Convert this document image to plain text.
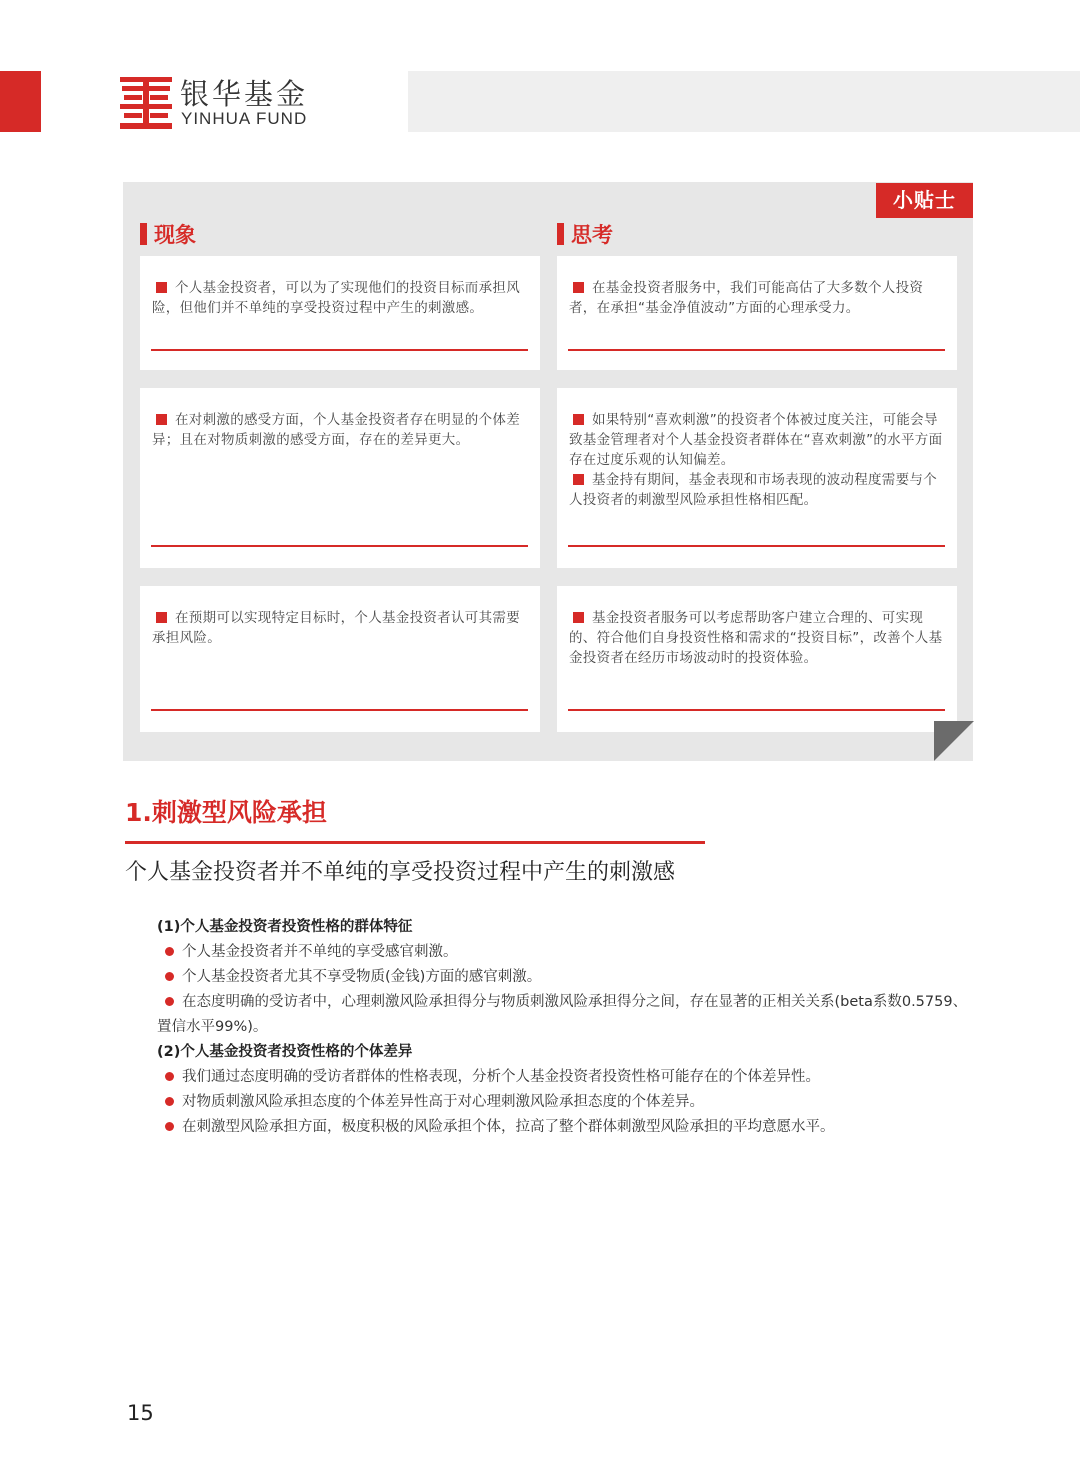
银华基金
YINHUA FUND
小贴士
现象	思考

个人基金投资者，可以为了实现他们的投资目标而承担风险，但他们并不单纯的享受投资过程中产生的刺激感。

在基金投资者服务中，我们可能高估了大多数个人投资者，在承担“基金净值波动”方面的心理承受力。

在对刺激的感受方面，个人基金投资者存在明显的个体差异；且在对物质刺激的感受方面，存在的差异更大。

如果特别“喜欢刺激”的投资者个体被过度关注，可能会导致基金管理者对个人基金投资者群体在“喜欢刺激”的水平方面存在过度乐观的认知偏差。

基金持有期间，基金表现和市场表现的波动程度需要与个人投资者的刺激型风险承担性格相匹配。

在预期可以实现特定目标时，个人基金投资者认可其需要承担风险。

基金投资者服务可以考虑帮助客户建立合理的、可实现的、符合他们自身投资性格和需求的“投资目标”，改善个人基金投资者在经历市场波动时的投资体验。

1.刺激型风险承担
个人基金投资者并不单纯的享受投资过程中产生的刺激感
(1)个人基金投资者投资性格的群体特征
个人基金投资者并不单纯的享受感官刺激。
个人基金投资者尤其不享受物质(金钱)方面的感官刺激。
在态度明确的受访者中，心理刺激风险承担得分与物质刺激风险承担得分之间，存在显著的正相关关系(beta系数0.5759、置信水平99%)。
(2)个人基金投资者投资性格的个体差异
我们通过态度明确的受访者群体的性格表现，分析个人基金投资者投资性格可能存在的个体差异性。
对物质刺激风险承担态度的个体差异性高于对心理刺激风险承担态度的个体差异。
在刺激型风险承担方面，极度积极的风险承担个体，拉高了整个群体刺激型风险承担的平均意愿水平。
15
